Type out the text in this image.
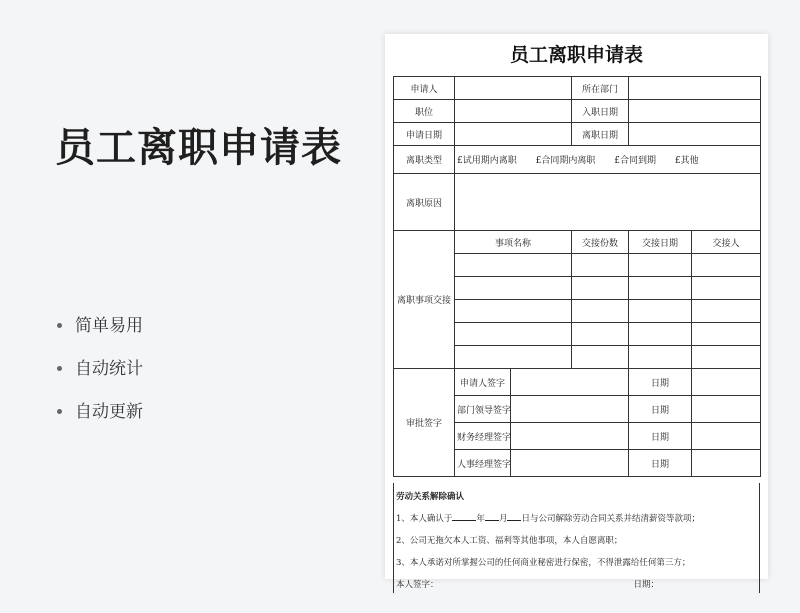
员工离职申请表
简单易用
自动统计
自动更新
员工离职申请表
申请人			所在部门		
职位			入职日期		
申请日期			离职日期		
离职类型	£试用期内离职 £合同期内离职 £合同到期 £其他				
离职原因					
离职事项交接	事项名称		交接份数	交接日期	交接人

审批签字	申请人签字			日期	
	部门领导签字			日期	
	财务经理签字			日期	
	人事经理签字			日期	
劳动关系解除确认
1、本人确认于	年 月 日与公司解除劳动合同关系并结清薪资等款项；
2、公司无拖欠本人工资、福利等其他事项，本人自愿离职；
3、本人承诺对所掌握公司的任何商业秘密进行保密，不得泄露给任何第三方；
本人签字：	日期：
